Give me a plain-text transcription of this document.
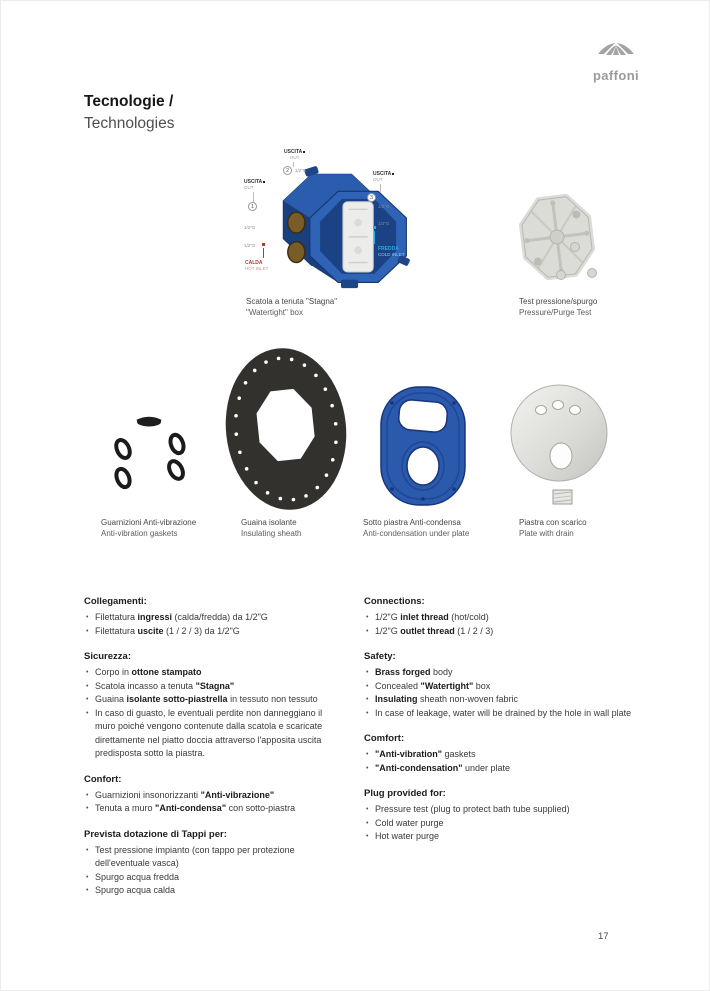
paffoni
Tecnologie /
Technologies
USCITA
OUT
1
1/2"G
1/2"G
CALDA
HOT INLET
USCITA
OUT
2	1/2"G
USCITA
OUT
3
1/2"G
1/2"G
FREDDA
COLD INLET
Scatola a tenuta "Stagna"
"Watertight" box
Test pressione/spurgo
Pressure/Purge Test
Guarnizioni Anti-vibrazione
Anti-vibration gaskets
Guaina isolante
Insulating sheath
Sotto piastra Anti-condensa
Anti-condensation under plate
Piastra con scarico
Plate with drain
Collegamenti:
• Filettatura ingressi (calda/fredda) da 1/2"G
• Filettatura uscite (1 / 2 / 3) da 1/2"G
Sicurezza:
• Corpo in ottone stampato
• Scatola incasso a tenuta "Stagna"
• Guaina isolante sotto-piastrella in tessuto non tessuto
• In caso di guasto, le eventuali perdite non danneggiano il muro poiché vengono contenute dalla scatola e scaricate direttamente nel piatto doccia attraverso l'apposita uscita predisposta sotto la piastra.
Confort:
• Guarnizioni insonorizzanti "Anti-vibrazione"
• Tenuta a muro "Anti-condensa" con sotto-piastra
Prevista dotazione di Tappi per:
• Test pressione impianto (con tappo per protezione dell'eventuale vasca)
• Spurgo acqua fredda
• Spurgo acqua calda
Connections:
• 1/2"G inlet thread (hot/cold)
• 1/2"G outlet thread (1 / 2 / 3)
Safety:
• Brass forged body
• Concealed "Watertight" box
• Insulating sheath non-woven fabric
• In case of leakage, water will be drained by the hole in wall plate
Comfort:
• "Anti-vibration" gaskets
• "Anti-condensation" under plate
Plug provided for:
• Pressure test (plug to protect bath tube supplied)
• Cold water purge
• Hot water purge
17
